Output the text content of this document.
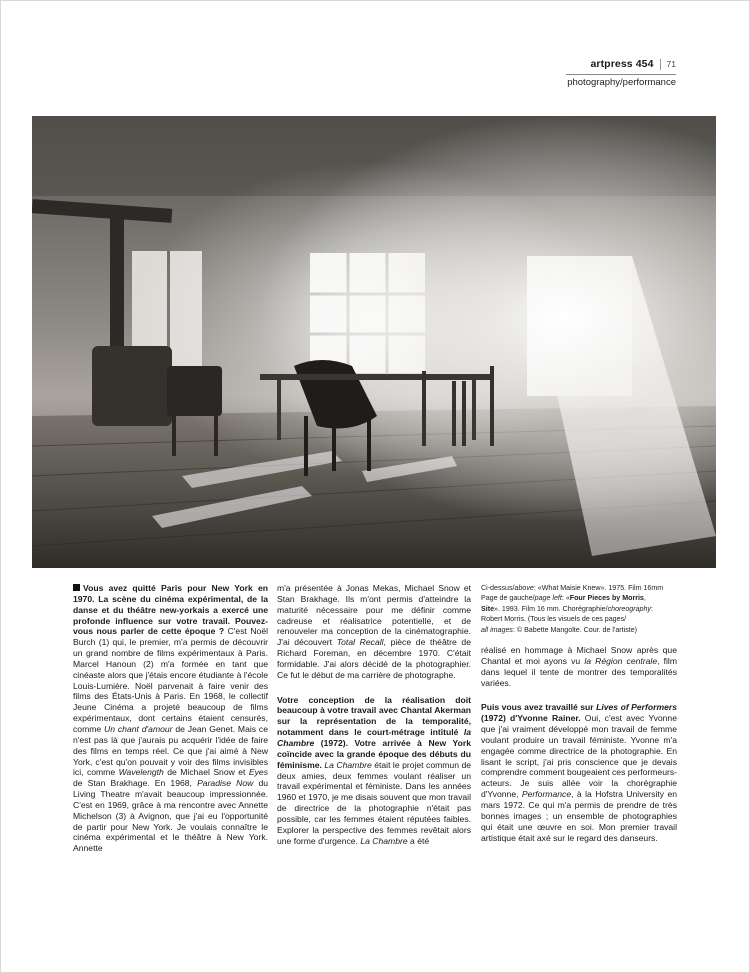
artpress 454 71
photography/performance

Vous avez quitté Paris pour New York en 1970. La scène du cinéma expérimental, de la danse et du théâtre new-yorkais a exercé une profonde influence sur votre travail. Pouvez-vous nous parler de cette époque ? C'est Noël Burch (1) qui, le premier, m'a permis de découvrir un grand nombre de films expérimentaux à Paris. Marcel Hanoun (2) m'a formée en tant que cinéaste alors que j'étais encore étudiante à l'école Louis-Lumière. Noël parvenait à faire venir des films des États-Unis à Paris. En 1968, le collectif Jeune Cinéma a projeté beaucoup de films expérimentaux, dont certains étaient censurés, comme Un chant d'amour de Jean Genet. Mais ce n'est pas là que j'aurais pu acquérir l'idée de faire des films en temps réel. Ce que j'ai aimé à New York, c'est qu'on pouvait y voir des films invisibles ici, comme Wavelength de Michael Snow et Eyes de Stan Brakhage. En 1968, Paradise Now du Living Theatre m'avait beaucoup impressionnée. C'est en 1969, grâce à ma rencontre avec Annette Michelson (3) à Avignon, que j'ai eu l'opportunité de partir pour New York. Je voulais connaître le cinéma expérimental et le théâtre à New York. Annette

m'a présentée à Jonas Mekas, Michael Snow et Stan Brakhage. Ils m'ont permis d'atteindre la maturité nécessaire pour me définir comme cadreuse et réalisatrice potentielle, et de renouveler ma conception de la cinématographie. J'ai découvert Total Recall, pièce de théâtre de Richard Foreman, en décembre 1970. C'était formidable. J'ai alors décidé de la photographier. Ce fut le début de ma carrière de photographe.

Votre conception de la réalisation doit beaucoup à votre travail avec Chantal Akerman sur la représentation de la temporalité, notamment dans le court-métrage intitulé la Chambre (1972). Votre arrivée à New York coïncide avec la grande époque des débuts du féminisme. La Chambre était le projet commun de deux amies, deux femmes voulant réaliser un travail expérimental et féministe. Dans les années 1960 et 1970, je me disais souvent que mon travail de directrice de la photographie n'était pas possible, car les femmes étaient réputées faibles. Explorer la perspective des femmes revêtait alors une forme d'urgence. La Chambre a été

Ci-dessus/above: «What Maisie Knew». 1975. Film 16mm
Page de gauche/page left: «Four Pieces by Morris,
Site». 1993. Film 16 mm. Chorégraphie/choreography:
Robert Morris. (Tous les visuels de ces pages/
all images: © Babette Mangolte. Cour. de l'artiste)

réalisé en hommage à Michael Snow après que Chantal et moi ayons vu la Région centrale, film dans lequel il tente de montrer des temporalités variées.

Puis vous avez travaillé sur Lives of Performers (1972) d'Yvonne Rainer. Oui, c'est avec Yvonne que j'ai vraiment développé mon travail de femme voulant produire un travail féministe. Yvonne m'a engagée comme directrice de la photographie. En lisant le script, j'ai pris conscience que je devais comprendre comment bougeaient ces performeurs-acteurs. Je suis allée voir la chorégraphie d'Yvonne, Performance, à la Hofstra University en mars 1972. Ce qui m'a permis de prendre de très bonnes images ; un ensemble de photographies qui était une œuvre en soi. Mon premier travail artistique était axé sur le regard des danseurs.
